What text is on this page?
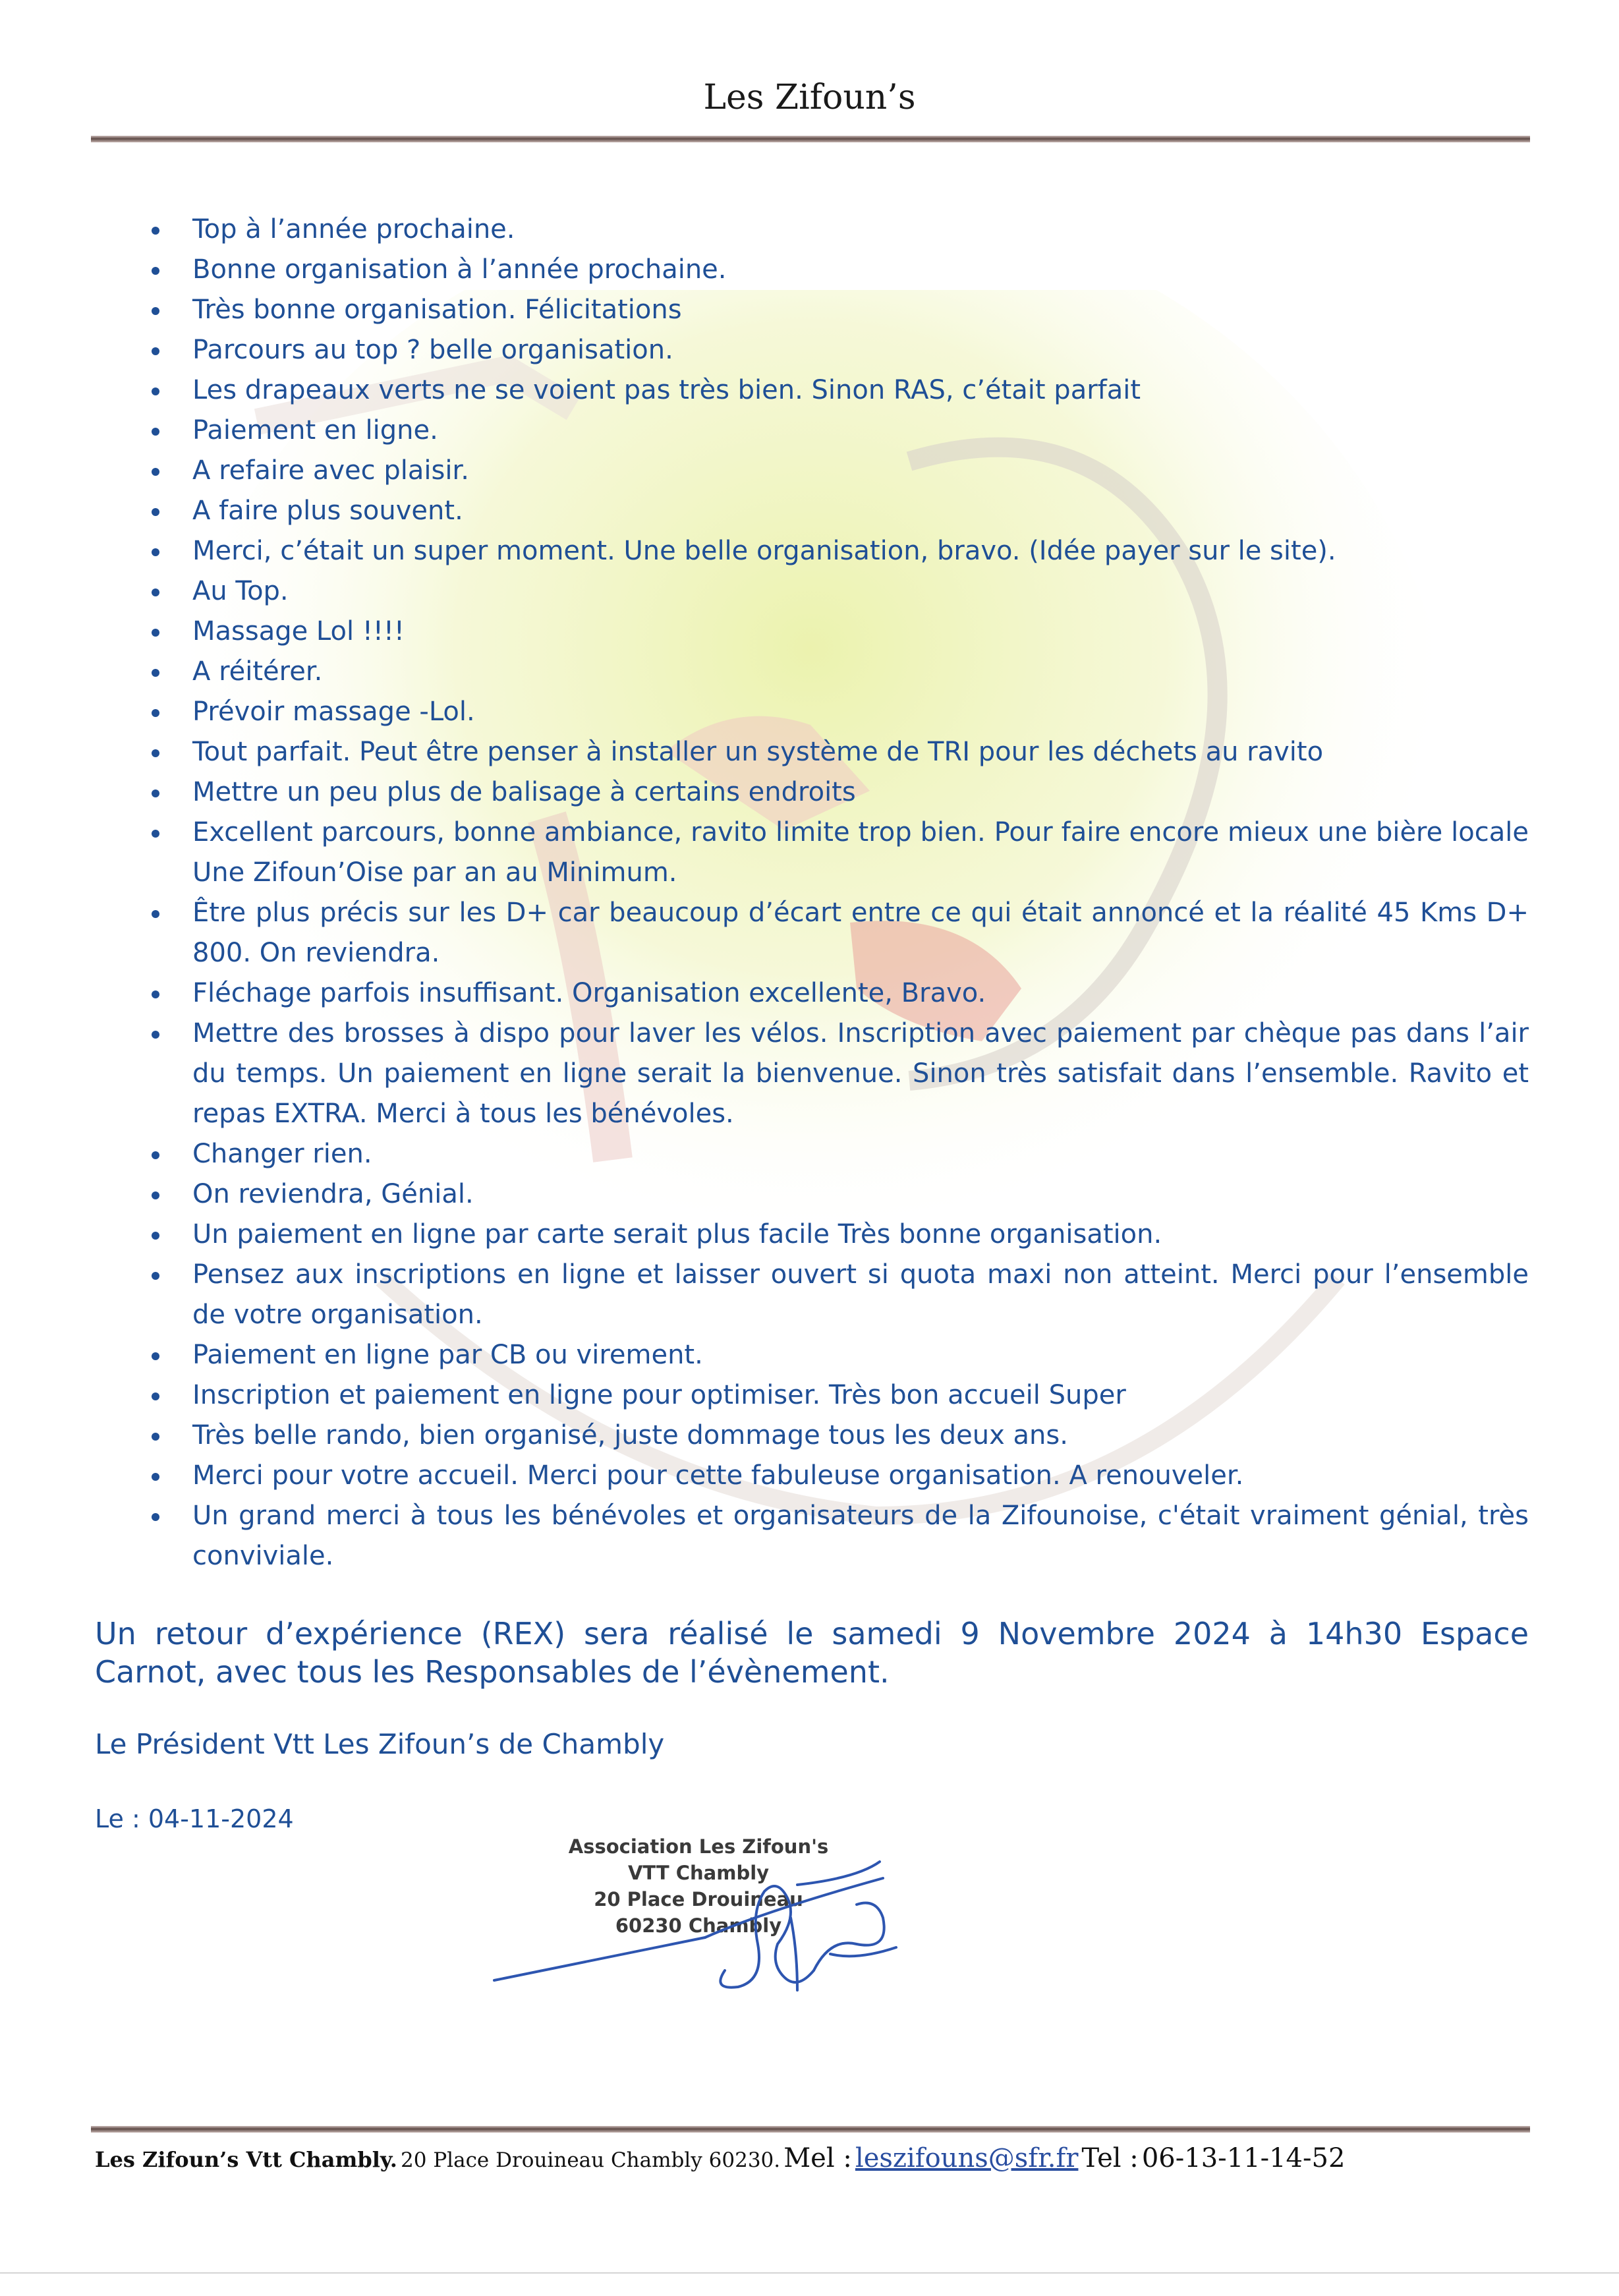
Les Zifoun’s
Top à l’année prochaine.
Bonne organisation à l’année prochaine.
Très bonne organisation. Félicitations
Parcours au top ? belle organisation.
Les drapeaux verts ne se voient pas très bien. Sinon RAS, c’était parfait
Paiement en ligne.
A refaire avec plaisir.
A faire plus souvent.
Merci, c’était un super moment. Une belle organisation, bravo. (Idée payer sur le site).
Au Top.
Massage Lol !!!!
A réitérer.
Prévoir massage -Lol.
Tout parfait. Peut être penser à installer un système de TRI pour les déchets au ravito
Mettre un peu plus de balisage à certains endroits
Excellent parcours, bonne ambiance, ravito limite trop bien. Pour faire encore mieux une bière locale Une Zifoun’Oise par an au Minimum.
Être plus précis sur les D+ car beaucoup d’écart entre ce qui était annoncé et la réalité 45 Kms D+ 800. On reviendra.
Fléchage parfois insuffisant. Organisation excellente, Bravo.
Mettre des brosses à dispo pour laver les vélos. Inscription avec paiement par chèque pas dans l’air du temps. Un paiement en ligne serait la bienvenue. Sinon très satisfait dans l’ensemble. Ravito et repas EXTRA. Merci à tous les bénévoles.
Changer rien.
On reviendra, Génial.
Un paiement en ligne par carte serait plus facile Très bonne organisation.
Pensez aux inscriptions en ligne et laisser ouvert si quota maxi non atteint. Merci pour l’ensemble de votre organisation.
Paiement en ligne par CB ou virement.
Inscription et paiement en ligne pour optimiser. Très bon accueil Super
Très belle rando, bien organisé, juste dommage tous les deux ans.
Merci pour votre accueil. Merci pour cette fabuleuse organisation. A renouveler.
Un grand merci à tous les bénévoles et organisateurs de la Zifounoise, c'était vraiment génial, très conviviale.
Un retour d’expérience (REX) sera réalisé le samedi 9 Novembre 2024 à 14h30 Espace Carnot, avec tous les Responsables de l’évènement.
Le Président Vtt Les Zifoun’s de Chambly
Le : 04-11-2024
Association Les Zifoun's
VTT Chambly
20 Place Drouineau
60230 Chambly
Les Zifoun’s Vtt Chambly. 20 Place Drouineau Chambly 60230. Mel : leszifouns@sfr.fr Tel : 06-13-11-14-52
